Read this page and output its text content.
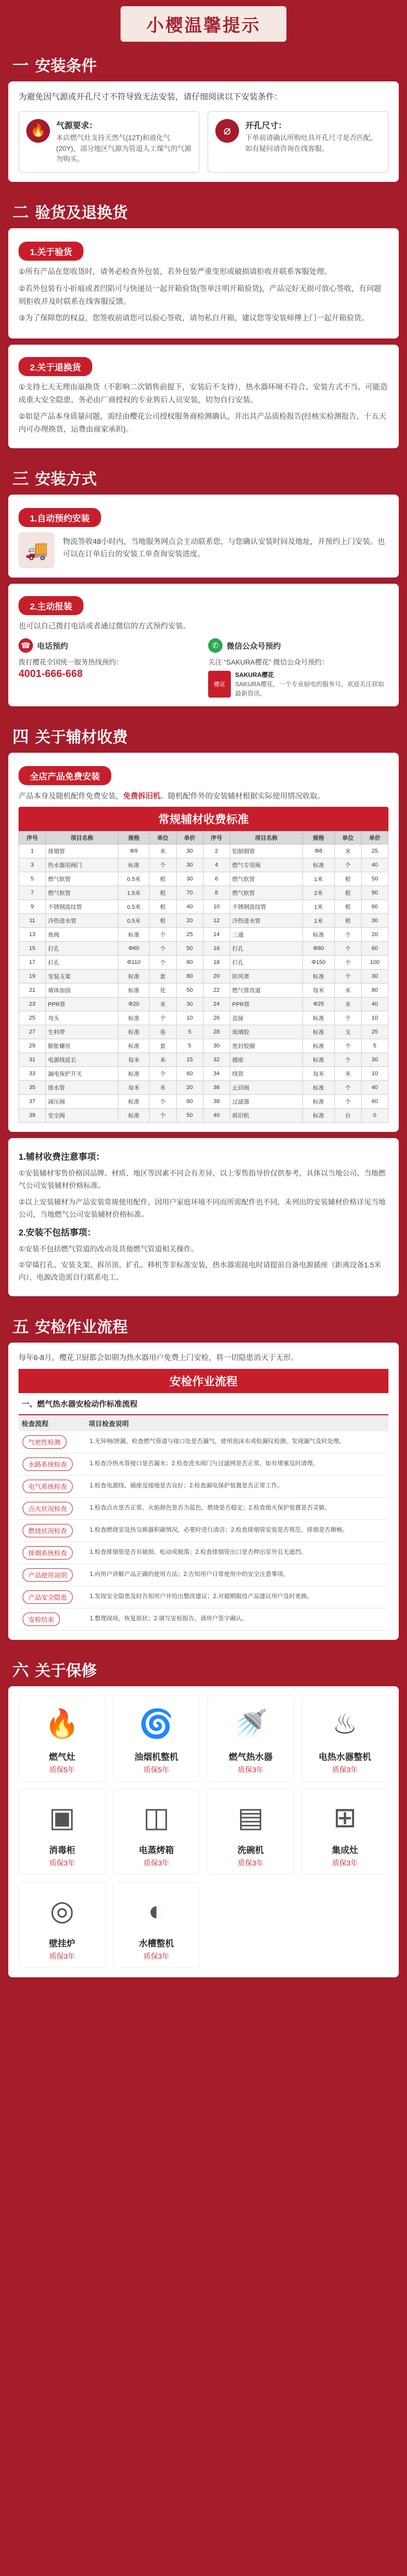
小樱温馨提示
一 安装条件
为避免因气源或开孔尺寸不符导致无法安装，请仔细阅读以下安装条件：
🔥	气源要求：
本店燃气灶支持天然气(12T)和液化气(20Y)，部分地区气源为管道人工煤气的气源勿购买。
⌀	开孔尺寸：
下单前请确认所购灶具开孔尺寸是否匹配，如有疑问请咨询在线客服。
二 验货及退换货
1.关于验货
①所有产品在您收货时，请务必检查外包装，若外包装严重变形或破损请拒收并联系客服处理。
②若外包装有小折痕或者凹陷可与快递员一起开箱验货(签单注明开箱验货)，产品完好无损可放心签收，有问题则拒收并及时联系在线客服反馈。
③为了保障您的权益，您签收前请您可以验心签收，请勿私自开箱，建议您等安装师傅上门一起开箱验货。
2.关于退换货
①支持七天无理由退换货（不影响二次销售前提下，安装后不支持），热水器环境不符合、安装方式不当、可能造成重大安全隐患，务必由厂商授权的专业售后人员安装，切勿自行安装。
②如是产品本身质量问题，需经由樱花公司授权服务商检测确认，并出具产品质检报告(经核实检测报告，十五天内可办理换货，运费由商家承担)。
三 安装方式
1.自动预约安装
🚚	物流签收48小时内，当地服务网点会主动联系您，与您确认安装时间及地址，并预约上门安装。也可以在订单后台的安装工单查询安装进度。
2.主动报装
也可以自己拨打电话或者通过微信的方式预约安装。
☎ 电话预约
拨打樱花全国统一服务热线预约：
4001-666-668
✆	微信公众号预约
关注 “SAKURA樱花” 微信公众号预约：
樱花
SAKURA樱花
SAKURA樱花，一个专业厨电的服务号，欢迎关注获取最新资讯。
四 关于辅材收费
全店产品免费安装
产品本身及随机配件免费安装，免费拆旧机。随机配件外的安装辅材根据实际使用情况收取。
常规辅材收费标准
序号	项目名称	规格	单位	单价	序号	项目名称	规格	单位	单价
1	排烟管	Φ9	米	30	2	铝制烟管	Φ8	米	25
3	热水器用阀门	标准	个	30	4	燃气专用阀	标准	个	40
5	燃气软管	0.5米	根	30	6	燃气软管	1米	根	50
7	燃气软管	1.5米	根	70	8	燃气软管	2米	根	90
9	不锈钢波纹管	0.5米	根	40	10	不锈钢波纹管	1米	根	60
11	冷热进水管	0.5米	根	20	12	冷热进水管	1米	根	30
13	角阀	标准	个	25	14	三通	标准	个	20
15	打孔	Φ60	个	50	16	打孔	Φ80	个	60
17	打孔	Φ110	个	80	18	打孔	Φ150	个	100
19	安装支架	标准	套	80	20	防风罩	标准	个	30
21	墙体加固	标准	处	50	22	燃气管改道	每米	米	80
23	PPR管	Φ20	米	30	24	PPR管	Φ25	米	40
25	弯头	标准	个	10	26	直接	标准	个	10
27	生料带	标准	卷	5	28	玻璃胶	标准	支	25
29	膨胀螺丝	标准	套	5	30	密封胶圈	标准	个	5
31	电源线延长	每米	米	15	32	插座	标准	个	30
33	漏电保护开关	标准	个	60	34	线管	每米	米	10
35	排水管	每米	米	20	36	止回阀	标准	个	40
37	减压阀	标准	个	80	38	过滤器	标准	个	60
39	安全阀	标准	个	50	40	拆旧机	标准	台	0
1.辅材收费注意事项：
①安装辅材零售价格因品牌、材质、地区等因素不同会有差异，以上零售指导价仅供参考，具体以当地公司、当地燃气公司安装辅材价格标准。
②以上安装辅材为产品安装常规使用配件，因用户家庭环境不同而所需配件也不同，未列出的安装辅材价格详见当地公司，当地燃气公司安装辅材价格标准。
2.安装不包括事项：
①安装不包括燃气管道的改动及其他燃气管道相关操作。
②穿墙打孔、安装支架、拆吊顶、扩孔、移机等非标准安装，热水器需接电时请提前自备电源插座（距离设备1.5米内），电源改造需自行联系电工。
五 安检作业流程
每年6-8月，樱花卫厨都会如期为热水器用户免费上门安检，将一切隐患消灭于无形。
安检作业流程
一、燃气热水器安检动作标准流程
检查流程	项目检查说明
气密性检测	1.无异响/泄漏，检查燃气管道与接口处是否漏气，使用泡沫水或检漏仪检测，发现漏气及时处理。
水路系统检查	1.检查冷热水管接口是否漏水；2.检查进水阀门与过滤网是否正常，如有堵塞及时清理。
电气系统检查	1.检查电源线、插座及接地是否良好；2.检查漏电保护装置是否正常工作。
点火状况检查	1.检查点火是否正常，火焰颜色是否为蓝色，燃烧是否稳定；2.检查熄火保护装置是否灵敏。
燃烧状况检查	1.检查燃烧室及热交换器积碳情况，必要时进行清洁；2.检查排烟管安装是否规范，排烟是否顺畅。
排烟系统检查	1.检查排烟管是否有破损、松动或脱落；2.检查排烟管出口是否伸出室外且无遮挡。
产品使用说明	1.向用户讲解产品正确的使用方法；2.告知用户日常使用中的安全注意事项。
产品安全隐患	1.发现安全隐患及时告知用户并给出整改建议；2.对超期服役产品建议用户及时更换。
安检结束	1.整理现场，恢复原状；2.填写安检报告，请用户签字确认。
六 关于保修
🔥
燃气灶
质保5年
🌀
油烟机整机
质保5年
🚿
燃气热水器
质保3年
♨
电热水器整机
质保3年
▣
消毒柜
质保3年
◫
电蒸烤箱
质保3年
▤
洗碗机
质保3年
⊞
集成灶
质保3年
◎
壁挂炉
质保3年
◐
水槽整机
质保3年
